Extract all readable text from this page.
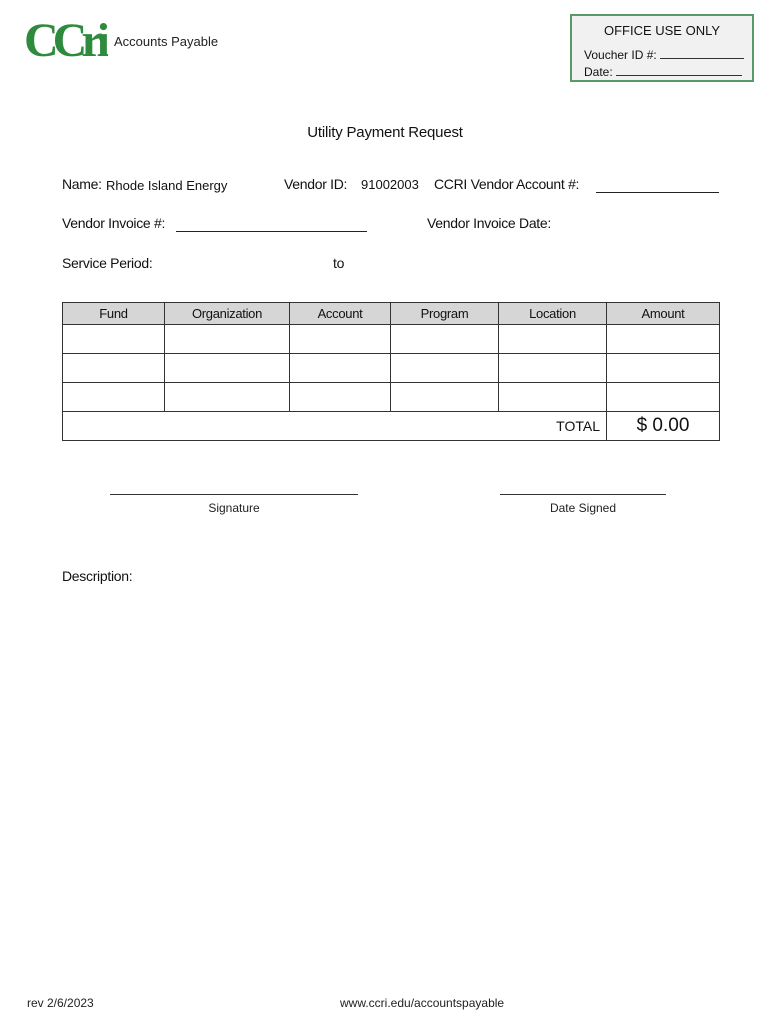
CCri Accounts Payable
OFFICE USE ONLY
Voucher ID #:
Date:
Utility Payment Request
Name: Rhode Island Energy	Vendor ID: 91002003 CCRI Vendor Account #:
Vendor Invoice #:	Vendor Invoice Date:
Service Period:	to
Fund	Organization	Account	Program	Location	Amount

TOTAL					$ 0.00
Signature	Date Signed
Description:
rev 2/6/2023	www.ccri.edu/accountspayable
